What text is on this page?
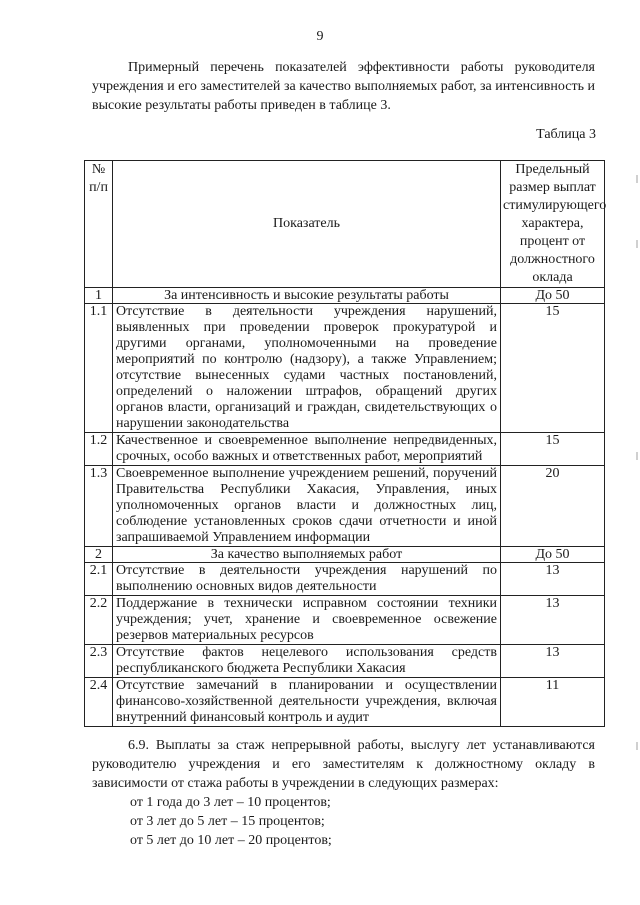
9

Примерный перечень показателей эффективности работы руководителя учреждения и его заместителей за качество выполняемых работ, за интенсивность и высокие результаты работы приведен в таблице 3.

Таблица 3
№ п/п	Показатель	Предельный размер выплат стимулирующего характера, процент от должностного оклада
1	За интенсивность и высокие результаты работы	До 50
1.1	Отсутствие в деятельности учреждения нарушений, выявленных при проведении проверок прокуратурой и другими органами, уполномоченными на проведение мероприятий по контролю (надзору), а также Управлением; отсутствие вынесенных судами частных постановлений, определений о наложении штрафов, обращений других органов власти, организаций и граждан, свидетельствующих о нарушении законодательства	15
1.2	Качественное и своевременное выполнение непредвиденных, срочных, особо важных и ответственных работ, мероприятий	15
1.3	Своевременное выполнение учреждением решений, поручений Правительства Республики Хакасия, Управления, иных уполномоченных органов власти и должностных лиц, соблюдение установленных сроков сдачи отчетности и иной запрашиваемой Управлением информации	20
2	За качество выполняемых работ	До 50
2.1	Отсутствие в деятельности учреждения нарушений по выполнению основных видов деятельности	13
2.2	Поддержание в технически исправном состоянии техники учреждения; учет, хранение и своевременное освежение резервов материальных ресурсов	13
2.3	Отсутствие фактов нецелевого использования средств республиканского бюджета Республики Хакасия	13
2.4	Отсутствие замечаний в планировании и осуществлении финансово-хозяйственной деятельности учреждения, включая внутренний финансовый контроль и аудит	11

6.9. Выплаты за стаж непрерывной работы, выслугу лет устанавливаются руководителю учреждения и его заместителям к должностному окладу в зависимости от стажа работы в учреждении в следующих размерах:

от 1 года до 3 лет – 10 процентов;

от 3 лет до 5 лет – 15 процентов;

от 5 лет до 10 лет – 20 процентов;
